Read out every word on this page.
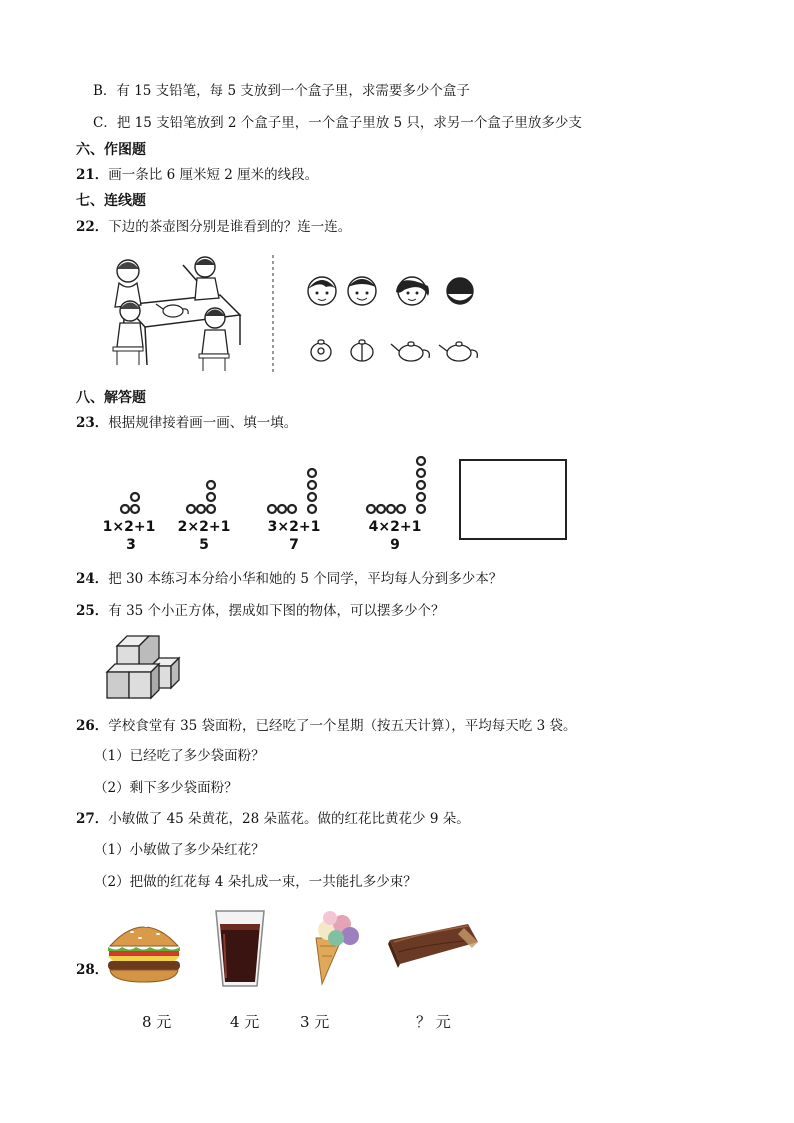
B．有 15 支铅笔，每 5 支放到一个盒子里，求需要多少个盒子
C．把 15 支铅笔放到 2 个盒子里，一个盒子里放 5 只，求另一个盒子里放多少支
六、作图题
21．画一条比 6 厘米短 2 厘米的线段。
七、连线题
22．下边的茶壶图分别是谁看到的？连一连。
八、解答题
23．根据规律接着画一画、填一填。
1×2+1
3
2×2+1
5
3×2+1
7
4×2+1
9
24．把 30 本练习本分给小华和她的 5 个同学，平均每人分到多少本？
25．有 35 个小正方体，摆成如下图的物体，可以摆多少个？
26．学校食堂有 35 袋面粉，已经吃了一个星期（按五天计算），平均每天吃 3 袋。
（1）已经吃了多少袋面粉？
（2）剩下多少袋面粉？
27．小敏做了 45 朵黄花，28 朵蓝花。做的红花比黄花少 9 朵。
（1）小敏做了多少朵红花？
（2）把做的红花每 4 朵扎成一束，一共能扎多少束？
28．
8 元	4 元	3 元	？ 元
